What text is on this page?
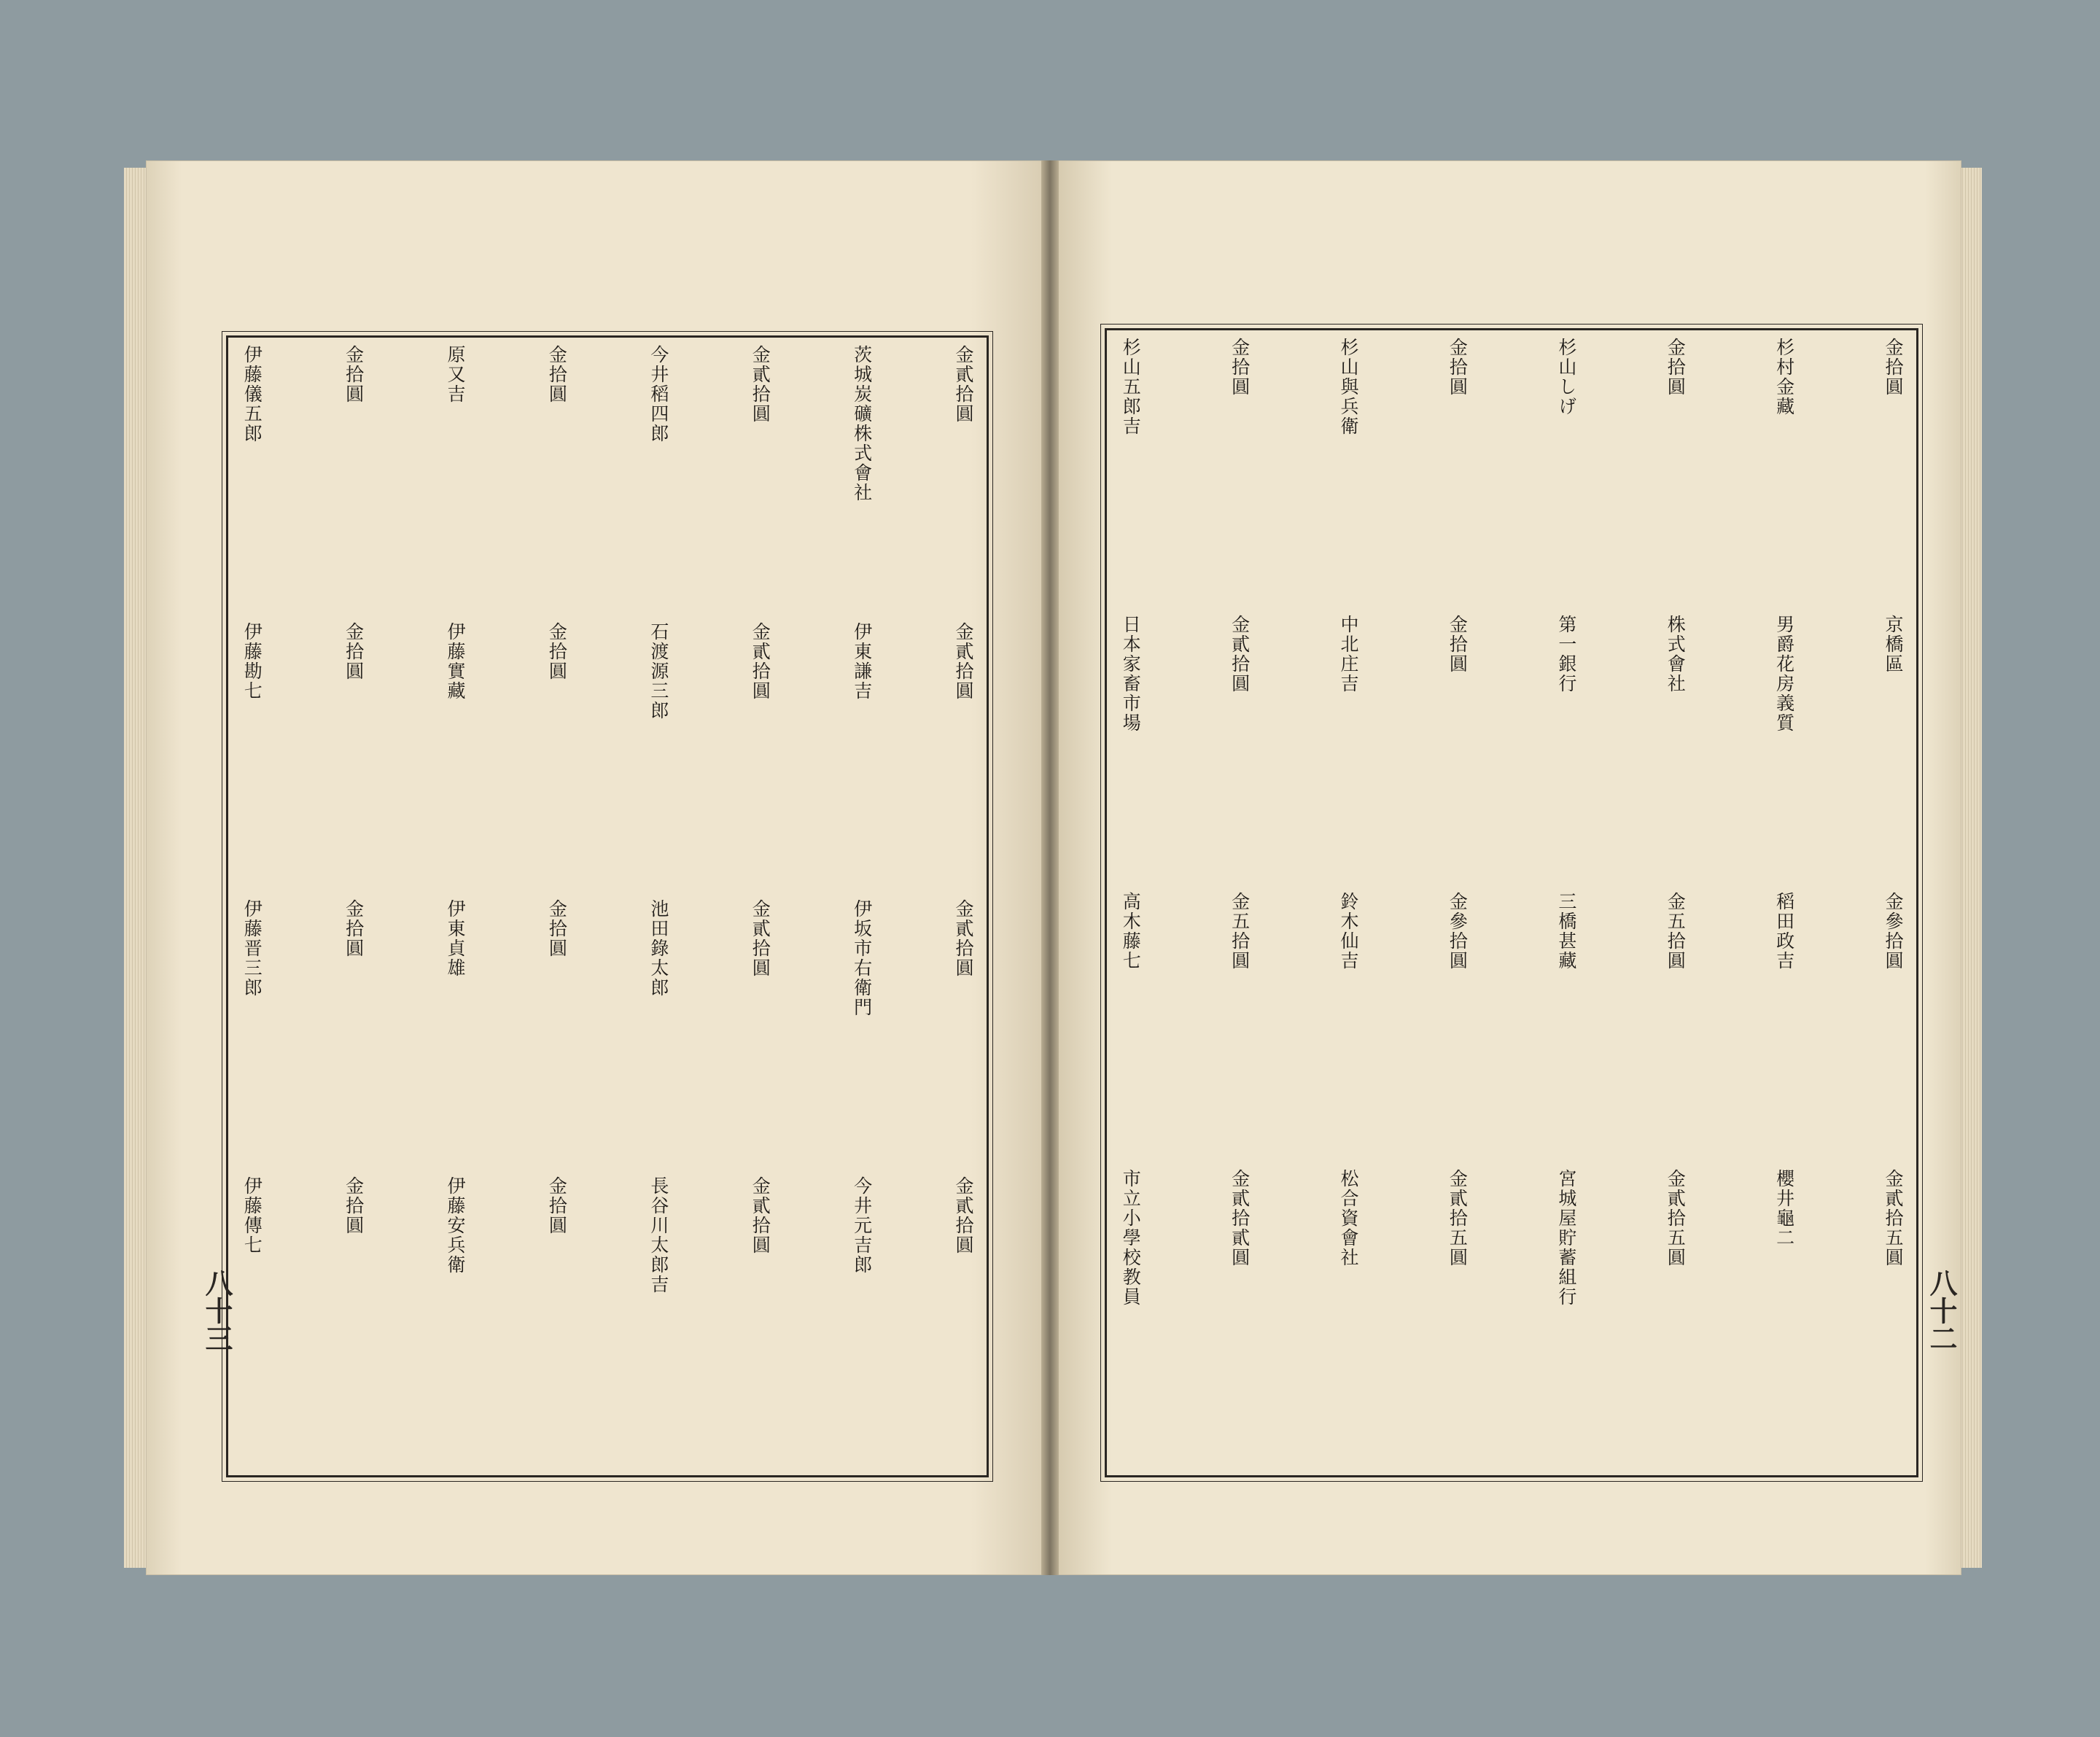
金貳拾圓
茨城炭礦株式會社
金貳拾圓
今井稻四郎
金拾圓
原又吉
金拾圓
伊藤儀五郎
金貳拾圓
伊東謙吉
金貳拾圓
石渡源三郎
金拾圓
伊藤實藏
金拾圓
伊藤勘七
金貳拾圓
伊坂市右衛門
金貳拾圓
池田錄太郎
金拾圓
伊東貞雄
金拾圓
伊藤晋三郎
金貳拾圓
今井元吉郎
金貳拾圓
長谷川太郎吉
金拾圓
伊藤安兵衛
金拾圓
伊藤傳七
金拾圓
杉村金藏
金拾圓
杉山しげ
金拾圓
杉山與兵衛
金拾圓
杉山五郎吉
京橋區
男爵花房義質
株式會社
第一銀行
金拾圓
中北庄吉
金貳拾圓
日本家畜市場
金參拾圓
稻田政吉
金五拾圓
三橋甚藏
金參拾圓
鈴木仙吉
金五拾圓
高木藤七
金貳拾五圓
櫻井龜二
金貳拾五圓
宮城屋貯蓄組行
金貳拾五圓
松合資會社
金貳拾貳圓
市立小學校教員
八十三	八十二
